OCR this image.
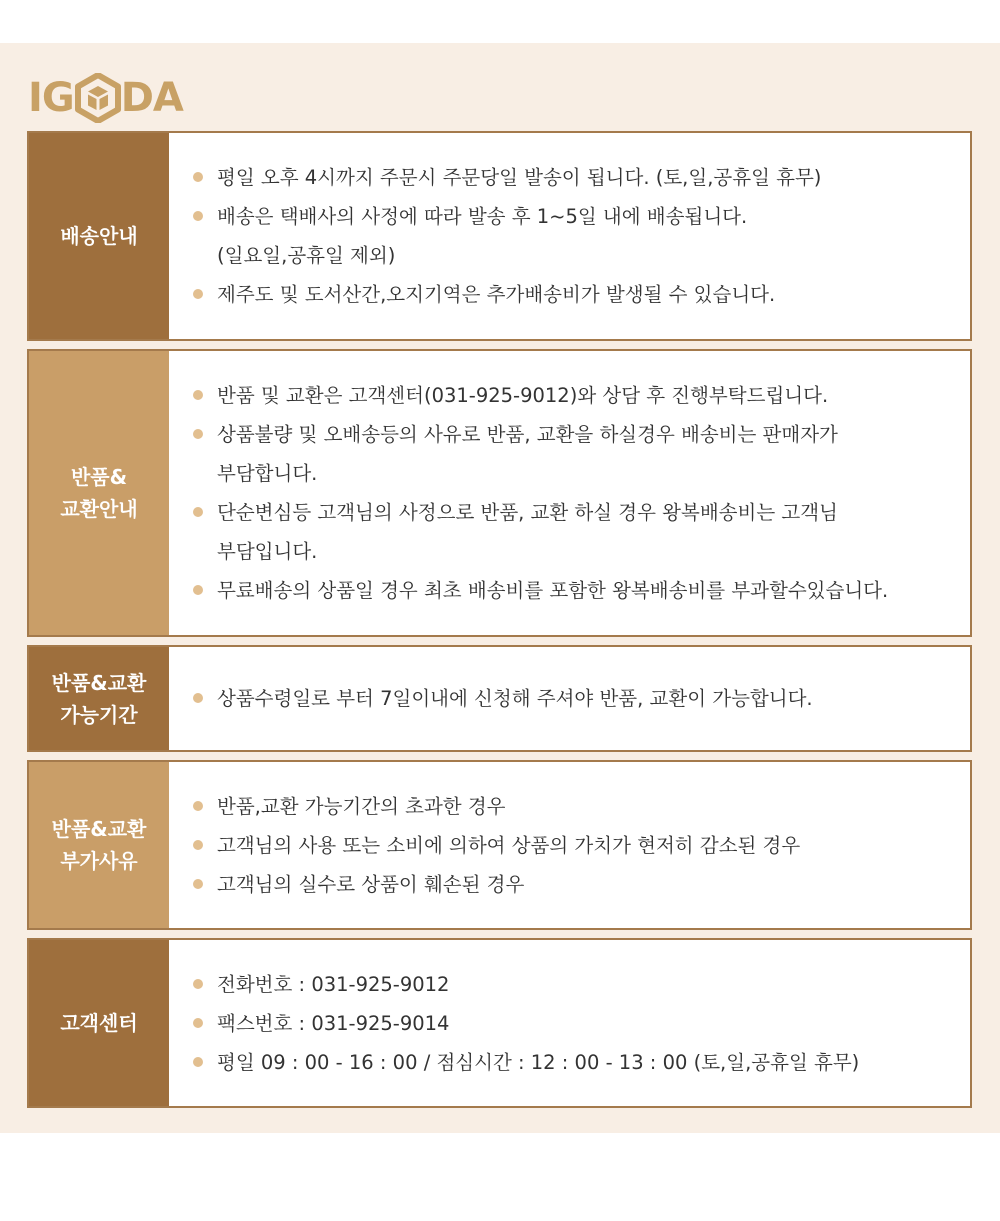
IG DA
배송안내
평일 오후 4시까지 주문시 주문당일 발송이 됩니다. (토,일,공휴일 휴무)
배송은 택배사의 사정에 따라 발송 후 1~5일 내에 배송됩니다.
(일요일,공휴일 제외)
제주도 및 도서산간,오지기역은 추가배송비가 발생될 수 있습니다.
반품&
교환안내
반품 및 교환은 고객센터(031-925-9012)와 상담 후 진행부탁드립니다.
상품불량 및 오배송등의 사유로 반품, 교환을 하실경우 배송비는 판매자가
부담합니다.
단순변심등 고객님의 사정으로 반품, 교환 하실 경우 왕복배송비는 고객님
부담입니다.
무료배송의 상품일 경우 최초 배송비를 포함한 왕복배송비를 부과할수있습니다.
반품&교환
가능기간
상품수령일로 부터 7일이내에 신청해 주셔야 반품, 교환이 가능합니다.
반품&교환
부가사유
반품,교환 가능기간의 초과한 경우
고객님의 사용 또는 소비에 의하여 상품의 가치가 현저히 감소된 경우
고객님의 실수로 상품이 훼손된 경우
고객센터
전화번호 : 031-925-9012
팩스번호 : 031-925-9014
평일 09 : 00 - 16 : 00 / 점심시간 : 12 : 00 - 13 : 00 (토,일,공휴일 휴무)
